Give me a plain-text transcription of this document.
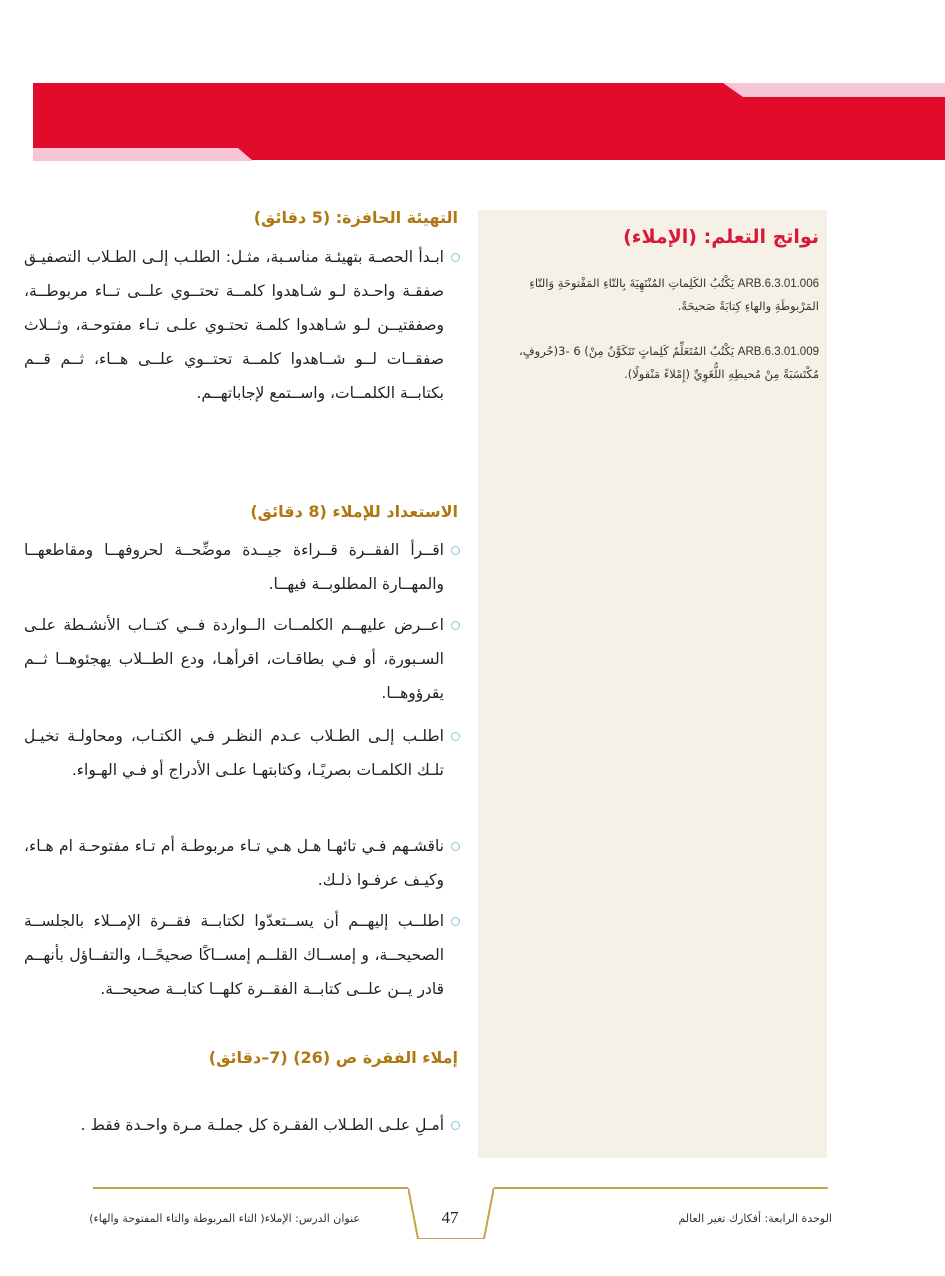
نواتج التعلم: (الإملاء)
ARB.6.3.01.006 يَكْتُبُ الكَلِماتِ المُنْتَهِيَةَ بِالتّاءِ المَفْتوحَةِ وَالتّاءِ المَرْبوطَةِ والهاءِ كِتابَةً صَحيحَةً.
ARB.6.3.01.009 يَكْتُبُ المُتَعَلِّمُ كَلِماتٍ تَتَكَوَّنُ مِنْ) 6 -3(حُروفٍ، مُكْتَسَبَةً مِنْ مُحيطِهِ اللُّغَوِيِّ (إِمْلاءً مَنْقولًا).
التهيئة الحافزة: (5 دقائق)
ابـدأ الحصـة بتهيئـة مناسـبة، مثـل: الطلـب إلـى الطـلاب التصفيـق صفقـة واحـدة لـو شـاهدوا كلمــة تحتــوي علــى تــاء مربوطــة، وصفقتيــن لـو شـاهدوا كلمـة تحتـوي علـى تـاء مفتوحـة، وثــلاث صفقــات لــو شــاهدوا كلمــة تحتــوي علــى هــاء، ثــم قــم بكتابــة الكلمــات، واســتمع لإجاباتهــم.
الاستعداد للإملاء (8 دقائق)
اقــرأ الفقــرة قــراءة جيــدة موضِّحــة لحروفهــا ومقاطعهــا والمهــارة المطلوبــة فيهــا.
اعــرض عليهــم الكلمــات الــواردة فــي كتــاب الأنشـطة علـى السـبورة، أو فـي بطاقـات، اقرأهـا، ودع الطــلاب يهجئوهــا ثــم يقرؤوهــا.
اطلـب إلـى الطـلاب عـدم النظـر فـي الكتـاب، ومحاولـة تخيـل تلـك الكلمـات بصريًـا، وكتابتهـا علـى الأدراج أو فـي الهـواء.
ناقشـهم فـي تائهـا هـل هـي تـاء مربوطـة أم تـاء مفتوحـة ام هـاء، وكيـف عرفـوا ذلـك.
اطلــب إليهــم أن يســتعدّوا لكتابــة فقــرة الإمــلاء بالجلســة الصحيحــة، و إمســاك القلــم إمســاكًا صحيحًــا، والتفــاؤل بأنهــم قادر يــن علــى كتابــة الفقــرة كلهــا كتابــة صحيحــة.
إملاء الفقرة ص (26) (7–دقائق)
أمـلِ علـى الطـلاب الفقـرة كل جملـة مـرة واحـدة فقط .
47	الوحدة الرابعة: أفكارك تغير العالم
عنوان الدرس: الإملاء( التاء المربوطة والتاء المفتوحة والهاء)
